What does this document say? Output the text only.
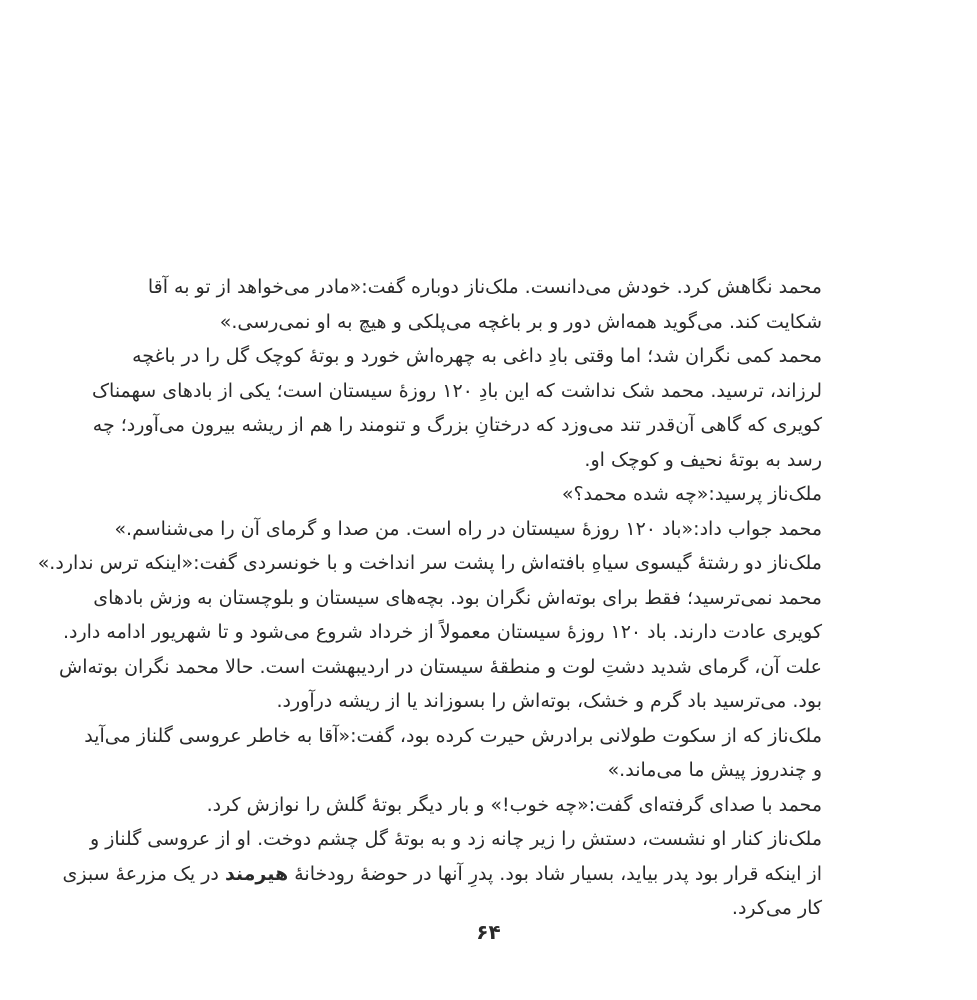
محمد نگاهش کرد. خودش می‌دانست. ملک‌ناز دوباره گفت:«مادر می‌خواهد از تو به آقا
شکایت کند. می‌گوید همه‌اش دور و بر باغچه می‌پلکی و هیچ به او نمی‌رسی.»
محمد کمی نگران شد؛ اما وقتی بادِ داغی به چهره‌اش خورد و بوتهٔ کوچک گل را در باغچه
لرزاند، ترسید. محمد شک نداشت که این بادِ ۱۲۰ روزهٔ سیستان است؛ یکی از بادهای سهمناک
کویری که گاهی آن‌قدر تند می‌وزد که درختانِ بزرگ و تنومند را هم از ریشه بیرون می‌آورد؛ چه
رسد به بوتهٔ نحیف و کوچک او.
ملک‌ناز پرسید:«چه شده محمد؟»
محمد جواب داد:«باد ۱۲۰ روزهٔ سیستان در راه است. من صدا و گرمای آن را می‌شناسم.»
ملک‌ناز دو رشتهٔ گیسوی سیاهِ بافته‌اش را پشت سر انداخت و با خونسردی گفت:«اینکه ترس ندارد.»
محمد نمی‌ترسید؛ فقط برای بوته‌اش نگران بود. بچه‌های سیستان و بلوچستان به وزش بادهای
کویری عادت دارند. باد ۱۲۰ روزهٔ سیستان معمولاً از خرداد شروع می‌شود و تا شهریور ادامه دارد.
علت آن، گرمای شدید دشتِ لوت و منطقهٔ سیستان در اردیبهشت است. حالا محمد نگران بوته‌اش
بود. می‌ترسید باد گرم و خشک، بوته‌اش را بسوزاند یا از ریشه درآورد.
ملک‌ناز که از سکوت طولانی برادرش حیرت کرده بود، گفت:«آقا به خاطر عروسی گلناز می‌آید
و چندروز پیش ما می‌ماند.»
محمد با صدای گرفته‌ای گفت:«چه خوب!» و بار دیگر بوتهٔ گلش را نوازش کرد.
ملک‌ناز کنار او نشست، دستش را زیر چانه زد و به بوتهٔ گل چشم دوخت. او از عروسی گلناز و
از اینکه قرار بود پدر بیاید، بسیار شاد بود. پدرِ آنها در حوضهٔ رودخانهٔ هیرمند در یک مزرعهٔ سبزی
کار می‌کرد.
۶۴
